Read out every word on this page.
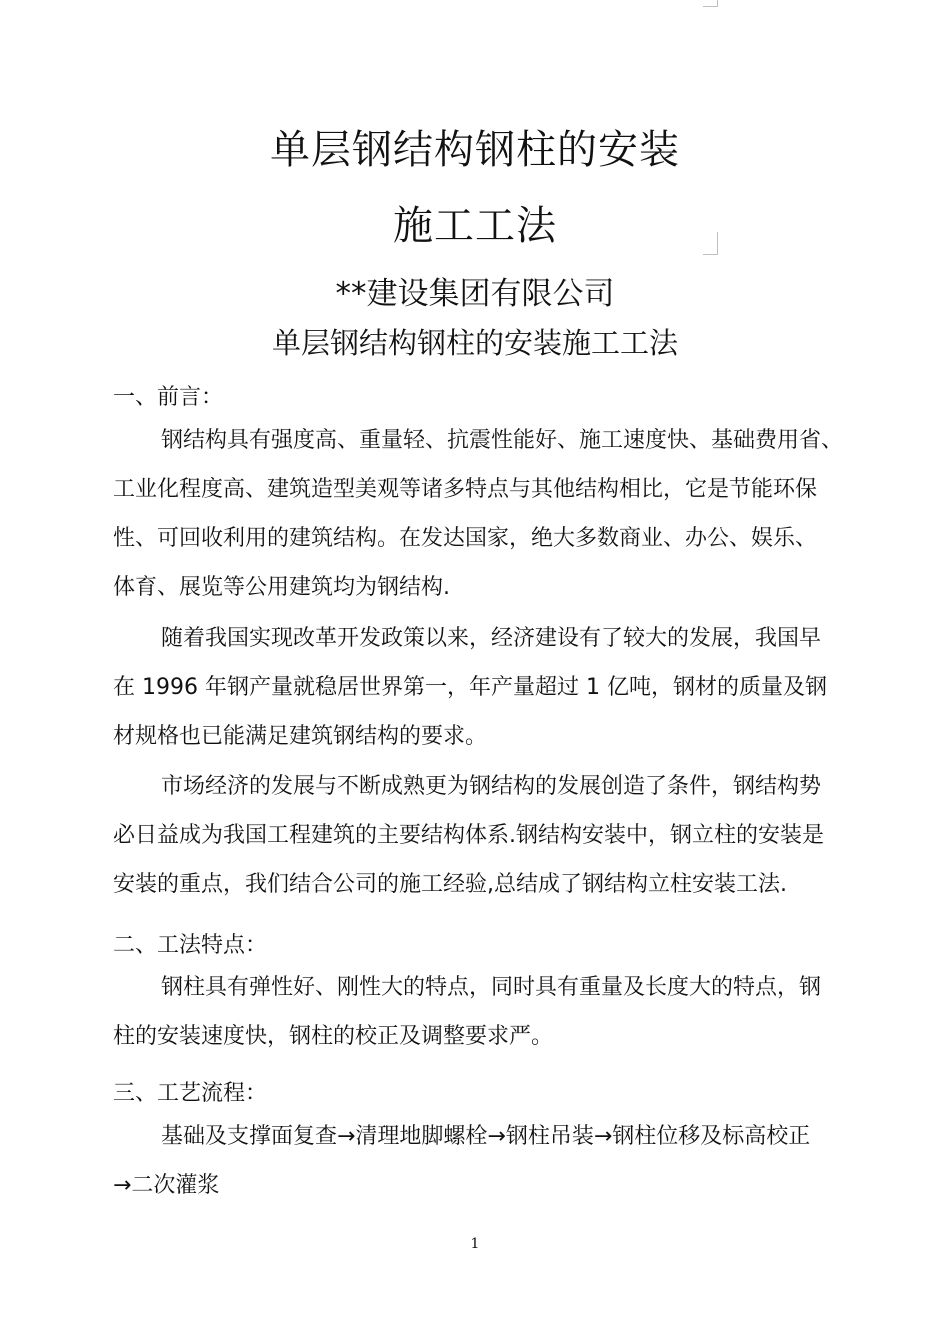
单层钢结构钢柱的安装
施工工法
**建设集团有限公司
单层钢结构钢柱的安装施工工法
一、前言：

钢结构具有强度高、重量轻、抗震性能好、施工速度快、基础费用省、
工业化程度高、建筑造型美观等诸多特点与其他结构相比，它是节能环保
性、可回收利用的建筑结构。在发达国家，绝大多数商业、办公、娱乐、
体育、展览等公用建筑均为钢结构.

随着我国实现改革开发政策以来，经济建设有了较大的发展，我国早
在 1996 年钢产量就稳居世界第一，年产量超过 1 亿吨，钢材的质量及钢
材规格也已能满足建筑钢结构的要求。

市场经济的发展与不断成熟更为钢结构的发展创造了条件，钢结构势
必日益成为我国工程建筑的主要结构体系.钢结构安装中，钢立柱的安装是
安装的重点，我们结合公司的施工经验,总结成了钢结构立柱安装工法.

二、工法特点：

钢柱具有弹性好、刚性大的特点，同时具有重量及长度大的特点，钢
柱的安装速度快，钢柱的校正及调整要求严。

三、工艺流程：

基础及支撑面复查→清理地脚螺栓→钢柱吊装→钢柱位移及标高校正
→二次灌浆

1
